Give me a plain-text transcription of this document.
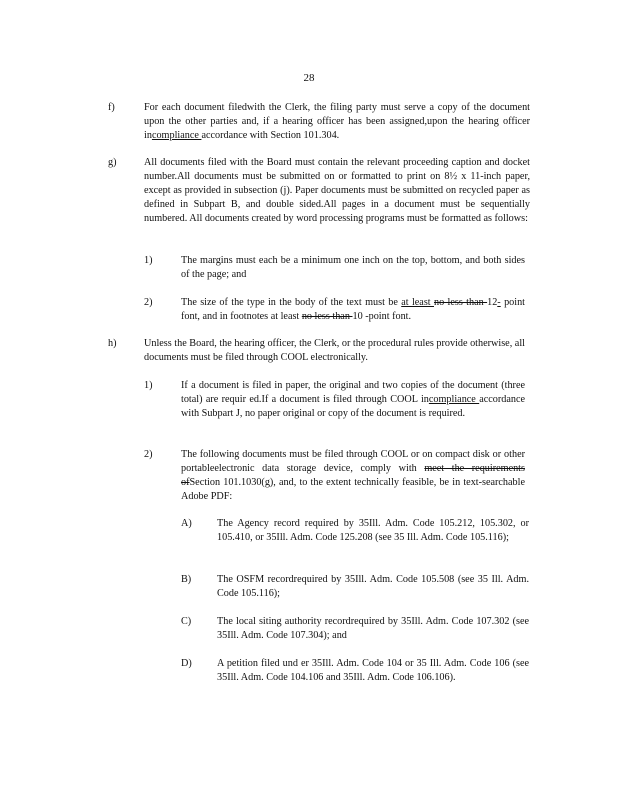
28
f)	For each document filedwith the Clerk, the filing party must serve a copy of the document upon the other parties and, if a hearing officer has been assigned,upon the hearing officer incompliance accordance with Section 101.304.
g)	All documents filed with the Board must contain the relevant proceeding caption and docket number.All documents must be submitted on or formatted to print on 8½ x 11-inch paper, except as provided in subsection (j). Paper documents must be submitted on recycled paper as defined in Subpart B, and double sided.All pages in a document must be sequentially numbered. All documents created by word processing programs must be formatted as follows:
1)	The margins must each be a minimum one inch on the top, bottom, and both sides of the page; and
2)	The size of the type in the body of the text must be at least no less than 12- point font, and in footnotes at least no less than 10 -point font.
h)	Unless the Board, the hearing officer, the Clerk, or the procedural rules provide otherwise, all documents must be filed through COOL electronically.
1)	If a document is filed in paper, the original and two copies of the document (three total) are requir ed.If a document is filed through COOL incompliance accordance with Subpart J, no paper original or copy of the document is required.
2)	The following documents must be filed through COOL or on compact disk or other portableelectronic data storage device, comply with meet the requirements ofSection 101.1030(g), and, to the extent technically feasible, be in text-searchable Adobe PDF:
A) The Agency record required by 35Ill. Adm. Code 105.212, 105.302, or 105.410, or 35Ill. Adm. Code 125.208 (see 35 Ill. Adm. Code 105.116);
B)	The OSFM recordrequired by 35Ill. Adm. Code 105.508 (see 35 Ill. Adm. Code 105.116);
C)	The local siting authority recordrequired by 35Ill. Adm. Code 107.302 (see 35Ill. Adm. Code 107.304); and
D) A petition filed und er 35Ill. Adm. Code 104 or 35 Ill. Adm. Code 106 (see 35Ill. Adm. Code 104.106 and 35Ill. Adm. Code 106.106).
